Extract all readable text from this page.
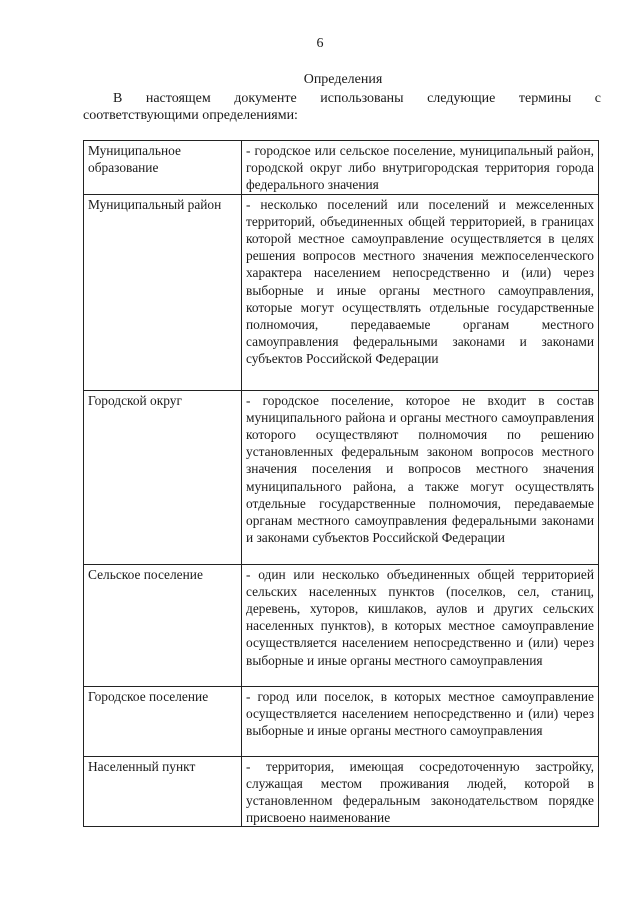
6
Определения
В настоящем документе использованы следующие термины с
соответствующими определениями:
Муниципальное образование	- городское или сельское поселение, муниципальный район, городской округ либо внутригородская территория города федерального значения
Муниципальный район	- несколько поселений или поселений и межселенных территорий, объединенных общей территорией, в границах которой местное самоуправление осуществляется в целях решения вопросов местного значения межпоселенческого характера населением непосредственно и (или) через выборные и иные органы местного самоуправления, которые могут осуществлять отдельные государственные полномочия, передаваемые органам местного самоуправления федеральными законами и законами субъектов Российской Федерации
Городской округ	- городское поселение, которое не входит в состав муниципального района и органы местного самоуправления которого осуществляют полномочия по решению установленных федеральным законом вопросов местного значения поселения и вопросов местного значения муниципального района, а также могут осуществлять отдельные государственные полномочия, передаваемые органам местного самоуправления федеральными законами и законами субъектов Российской Федерации
Сельское поселение	- один или несколько объединенных общей территорией сельских населенных пунктов (поселков, сел, станиц, деревень, хуторов, кишлаков, аулов и других сельских населенных пунктов), в которых местное самоуправление осуществляется населением непосредственно и (или) через выборные и иные органы местного самоуправления
Городское поселение	- город или поселок, в которых местное самоуправление осуществляется населением непосредственно и (или) через выборные и иные органы местного самоуправления
Населенный пункт	- территория, имеющая сосредоточенную застройку, служащая местом проживания людей, которой в установленном федеральным законодательством порядке присвоено наименование
